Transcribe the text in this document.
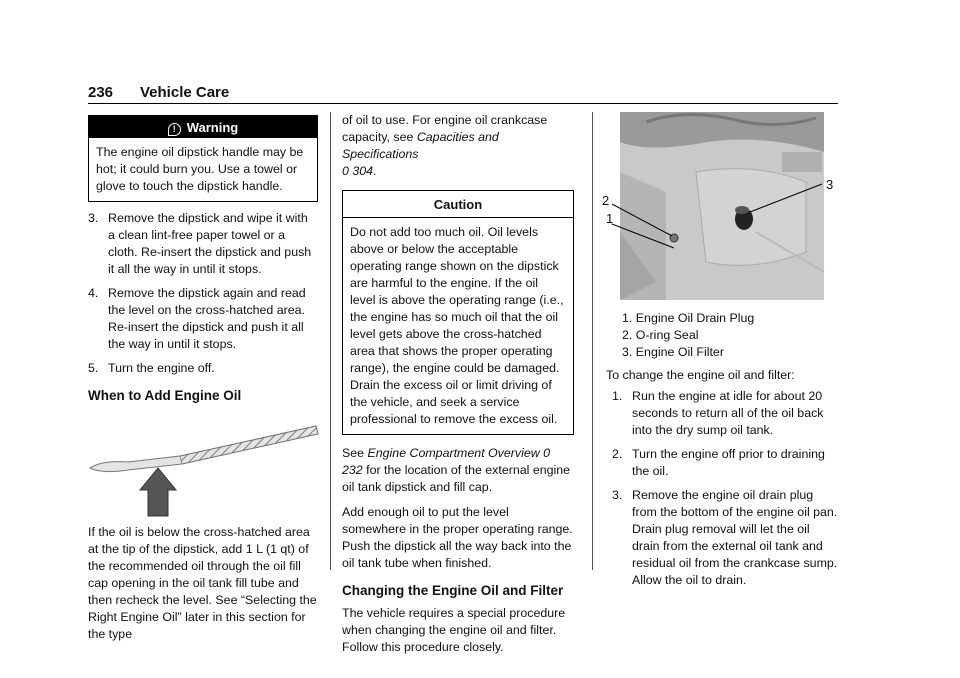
236 Vehicle Care
! Warning
The engine oil dipstick handle may be hot; it could burn you. Use a towel or glove to touch the dipstick handle.
3. Remove the dipstick and wipe it with a clean lint-free paper towel or a cloth. Re-insert the dipstick and push it all the way in until it stops.
4. Remove the dipstick again and read the level on the cross-hatched area. Re-insert the dipstick and push it all the way in until it stops.
5. Turn the engine off.
When to Add Engine Oil

If the oil is below the cross-hatched area at the tip of the dipstick, add 1 L (1 qt) of the recommended oil through the oil fill cap opening in the oil tank fill tube and then recheck the level. See “Selecting the Right Engine Oil” later in this section for the type

of oil to use. For engine oil crankcase capacity, see Capacities and Specifications
0 304.

Caution
Do not add too much oil. Oil levels above or below the acceptable operating range shown on the dipstick are harmful to the engine. If the oil level is above the operating range (i.e., the engine has so much oil that the oil level gets above the cross-hatched area that shows the proper operating range), the engine could be damaged. Drain the excess oil or limit driving of the vehicle, and seek a service professional to remove the excess oil.

See Engine Compartment Overview 0 232 for the location of the external engine oil tank dipstick and fill cap.

Add enough oil to put the level somewhere in the proper operating range. Push the dipstick all the way back into the oil tank tube when finished.

Changing the Engine Oil and Filter

The vehicle requires a special procedure when changing the engine oil and filter. Follow this procedure closely.

2
1
3
1. Engine Oil Drain Plug
2. O-ring Seal
3. Engine Oil Filter

To change the engine oil and filter:

1. Run the engine at idle for about 20 seconds to return all of the oil back into the dry sump oil tank.
2. Turn the engine off prior to draining the oil.
3. Remove the engine oil drain plug from the bottom of the engine oil pan. Drain plug removal will let the oil drain from the external oil tank and residual oil from the crankcase sump. Allow the oil to drain.
